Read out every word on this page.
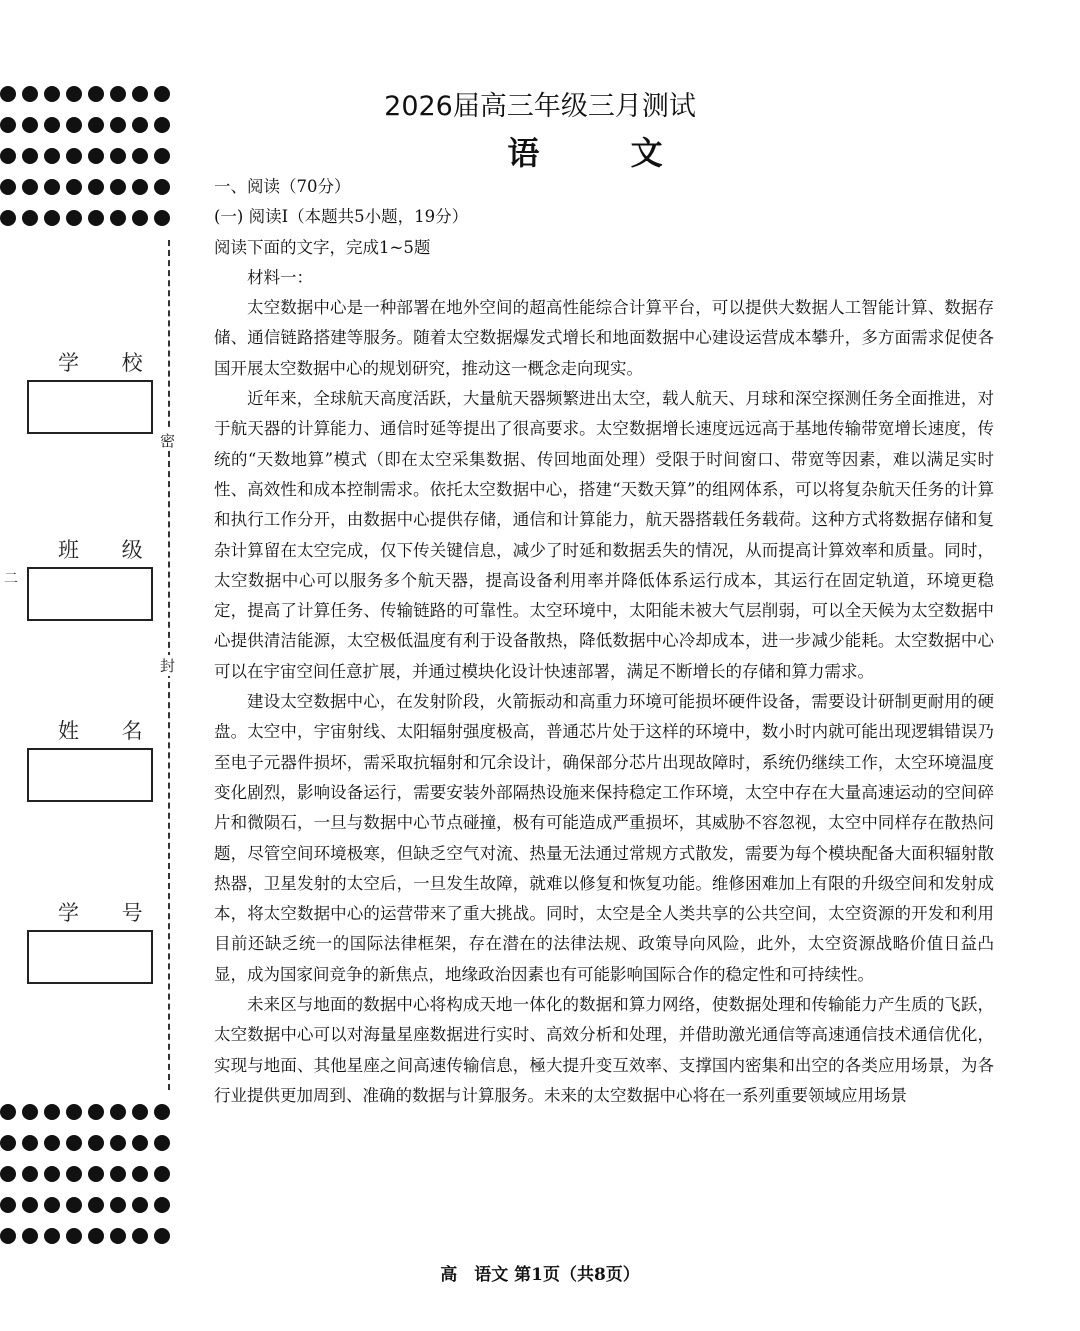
二
学 校
班 级
姓 名
学 号
密
封
2026届高三年级三月测试
语 文

一、阅读（70分）

(一) 阅读Ⅰ（本题共5小题，19分）

阅读下面的文字，完成1~5题

材料一：

太空数据中心是一种部署在地外空间的超高性能综合计算平台，可以提供大数据人工智能计算、数据存储、通信链路搭建等服务。随着太空数据爆发式增长和地面数据中心建设运营成本攀升，多方面需求促使各国开展太空数据中心的规划研究，推动这一概念走向现实。

近年来，全球航天高度活跃，大量航天器频繁进出太空，载人航天、月球和深空探测任务全面推进，对于航天器的计算能力、通信时延等提出了很高要求。太空数据增长速度远远高于基地传输带宽增长速度，传统的“天数地算”模式（即在太空采集数据、传回地面处理）受限于时间窗口、带宽等因素，难以满足实时性、高效性和成本控制需求。依托太空数据中心，搭建“天数天算”的组网体系，可以将复杂航天任务的计算和执行工作分开，由数据中心提供存储，通信和计算能力，航天器搭载任务载荷。这种方式将数据存储和复杂计算留在太空完成，仅下传关键信息，减少了时延和数据丢失的情况，从而提高计算效率和质量。同时，太空数据中心可以服务多个航天器，提高设备利用率并降低体系运行成本，其运行在固定轨道，环境更稳定，提高了计算任务、传输链路的可靠性。太空环境中，太阳能未被大气层削弱，可以全天候为太空数据中心提供清洁能源，太空极低温度有利于设备散热，降低数据中心冷却成本，进一步减少能耗。太空数据中心可以在宇宙空间任意扩展，并通过模块化设计快速部署，满足不断增长的存储和算力需求。

建设太空数据中心，在发射阶段，火箭振动和高重力环境可能损坏硬件设备，需要设计研制更耐用的硬盘。太空中，宇宙射线、太阳辐射强度极高，普通芯片处于这样的环境中，数小时内就可能出现逻辑错误乃至电子元器件损坏，需采取抗辐射和冗余设计，确保部分芯片出现故障时，系统仍继续工作，太空环境温度变化剧烈，影响设备运行，需要安装外部隔热设施来保持稳定工作环境，太空中存在大量高速运动的空间碎片和微陨石，一旦与数据中心节点碰撞，极有可能造成严重损坏，其威胁不容忽视，太空中同样存在散热问题，尽管空间环境极寒，但缺乏空气对流、热量无法通过常规方式散发，需要为每个模块配备大面积辐射散热器，卫星发射的太空后，一旦发生故障，就难以修复和恢复功能。维修困难加上有限的升级空间和发射成本，将太空数据中心的运营带来了重大挑战。同时，太空是全人类共享的公共空间，太空资源的开发和利用目前还缺乏统一的国际法律框架，存在潜在的法律法规、政策导向风险，此外，太空资源战略价值日益凸显，成为国家间竞争的新焦点，地缘政治因素也有可能影响国际合作的稳定性和可持续性。

未来区与地面的数据中心将构成天地一体化的数据和算力网络，使数据处理和传输能力产生质的飞跃，太空数据中心可以对海量星座数据进行实时、高效分析和处理，并借助激光通信等高速通信技术通信优化，实现与地面、其他星座之间高速传输信息，極大提升变互效率、支撑国内密集和出空的各类应用场景，为各行业提供更加周到、准确的数据与计算服务。未来的太空数据中心将在一系列重要领域应用场景

高　语文 第1页（共8页）
